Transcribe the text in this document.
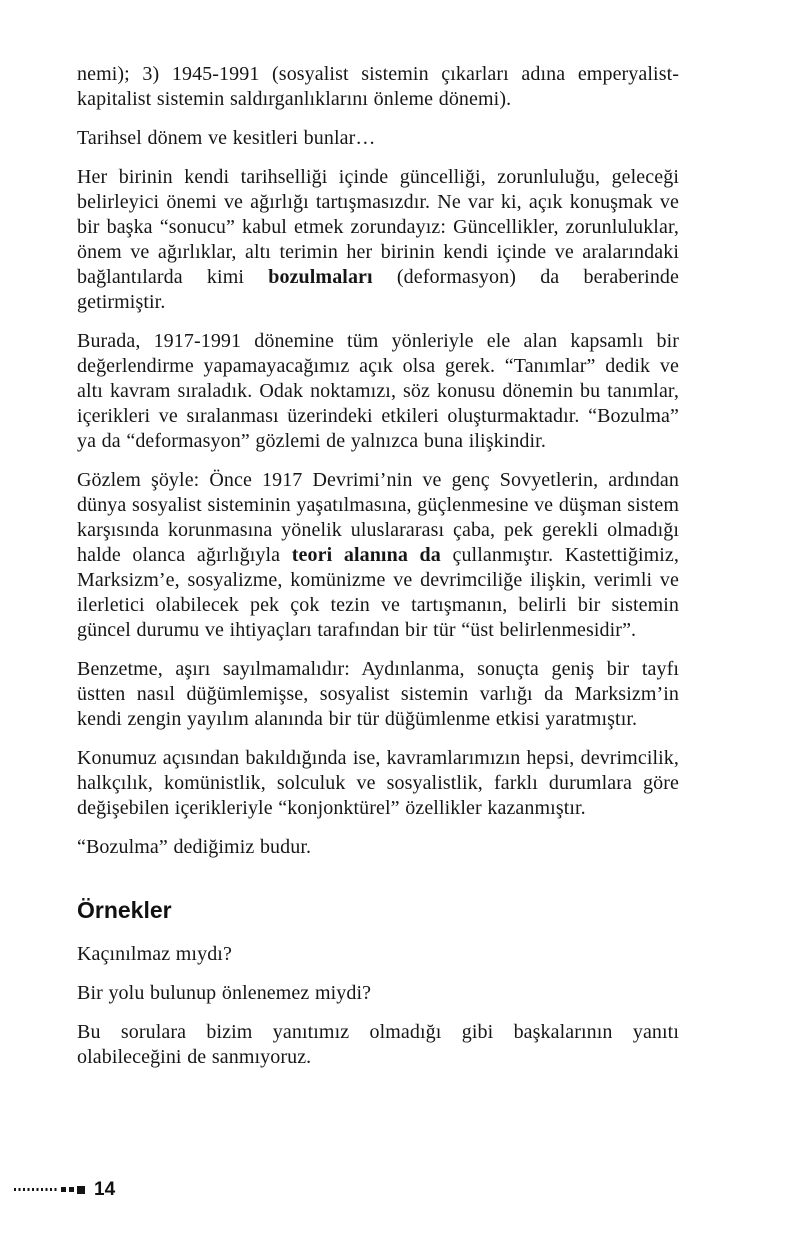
nemi); 3) 1945-1991 (sosyalist sistemin çıkarları adına emperyalist-kapitalist sistemin saldırganlıklarını önleme dönemi).

Tarihsel dönem ve kesitleri bunlar…

Her birinin kendi tarihselliği içinde güncelliği, zorunluluğu, geleceği belirleyici önemi ve ağırlığı tartışmasızdır. Ne var ki, açık konuşmak ve bir başka “sonucu” kabul etmek zorundayız: Güncellikler, zorunluluklar, önem ve ağırlıklar, altı terimin her birinin kendi içinde ve aralarındaki bağlantılarda kimi bozulmaları (deformasyon) da beraberinde getirmiştir.

Burada, 1917-1991 dönemine tüm yönleriyle ele alan kapsamlı bir değerlendirme yapamayacağımız açık olsa gerek. “Tanımlar” dedik ve altı kavram sıraladık. Odak noktamızı, söz konusu dönemin bu tanımlar, içerikleri ve sıralanması üzerindeki etkileri oluşturmaktadır. “Bozulma” ya da “deformasyon” gözlemi de yalnızca buna ilişkindir.

Gözlem şöyle: Önce 1917 Devrimi’nin ve genç Sovyetlerin, ardından dünya sosyalist sisteminin yaşatılmasına, güçlenmesine ve düşman sistem karşısında korunmasına yönelik uluslararası çaba, pek gerekli olmadığı halde olanca ağırlığıyla teori alanına da çullanmıştır. Kastettiğimiz, Marksizm’e, sosyalizme, komünizme ve devrimciliğe ilişkin, verimli ve ilerletici olabilecek pek çok tezin ve tartışmanın, belirli bir sistemin güncel durumu ve ihtiyaçları tarafından bir tür “üst belirlenmesidir”.

Benzetme, aşırı sayılmamalıdır: Aydınlanma, sonuçta geniş bir tayfı üstten nasıl düğümlemişse, sosyalist sistemin varlığı da Marksizm’in kendi zengin yayılım alanında bir tür düğümlenme etkisi yaratmıştır.

Konumuz açısından bakıldığında ise, kavramlarımızın hepsi, devrimcilik, halkçılık, komünistlik, solculuk ve sosyalistlik, farklı durumlara göre değişebilen içerikleriyle “konjonktürel” özellikler kazanmıştır.

“Bozulma” dediğimiz budur.

Örnekler

Kaçınılmaz mıydı?

Bir yolu bulunup önlenemez miydi?

Bu sorulara bizim yanıtımız olmadığı gibi başkalarının yanıtı olabileceğini de sanmıyoruz.

14
